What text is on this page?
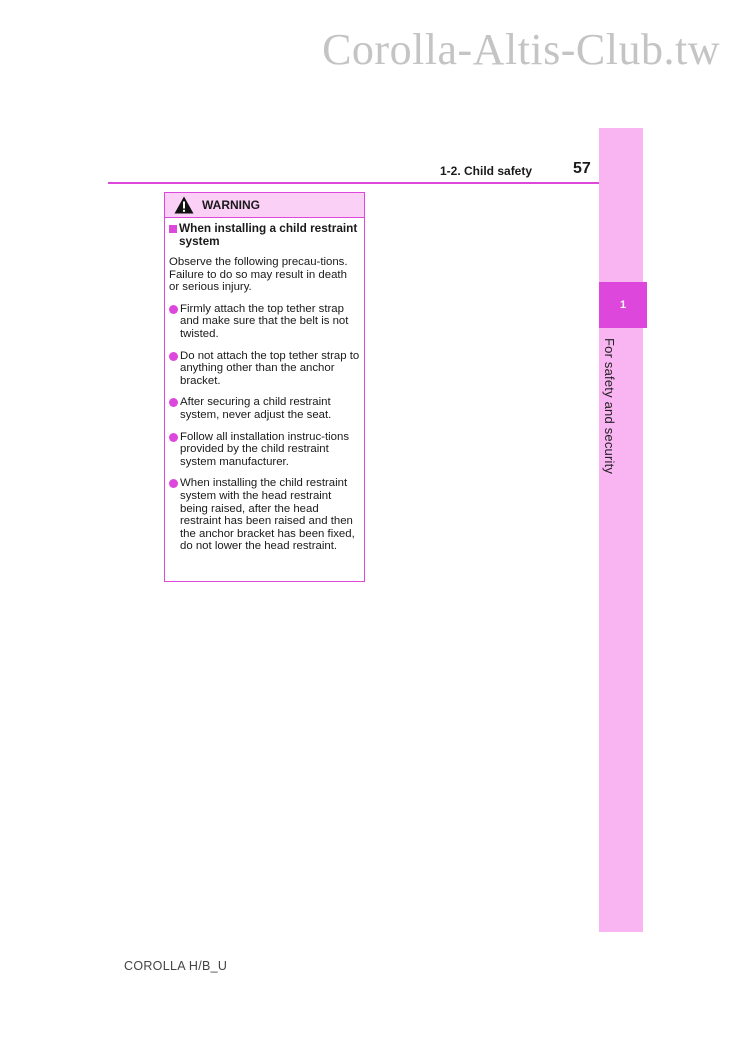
Corolla-Altis-Club.tw
1
For safety and security
1-2. Child safety	57
WARNING
When installing a child restraint system

Observe the following precau-tions.

Failure to do so may result in death or serious injury.

Firmly attach the top tether strap and make sure that the belt is not twisted.
Do not attach the top tether strap to anything other than the anchor bracket.
After securing a child restraint system, never adjust the seat.
Follow all installation instruc-tions provided by the child restraint system manufacturer.
When installing the child restraint system with the head restraint being raised, after the head restraint has been raised and then the anchor bracket has been fixed, do not lower the head restraint.
COROLLA H/B_U
